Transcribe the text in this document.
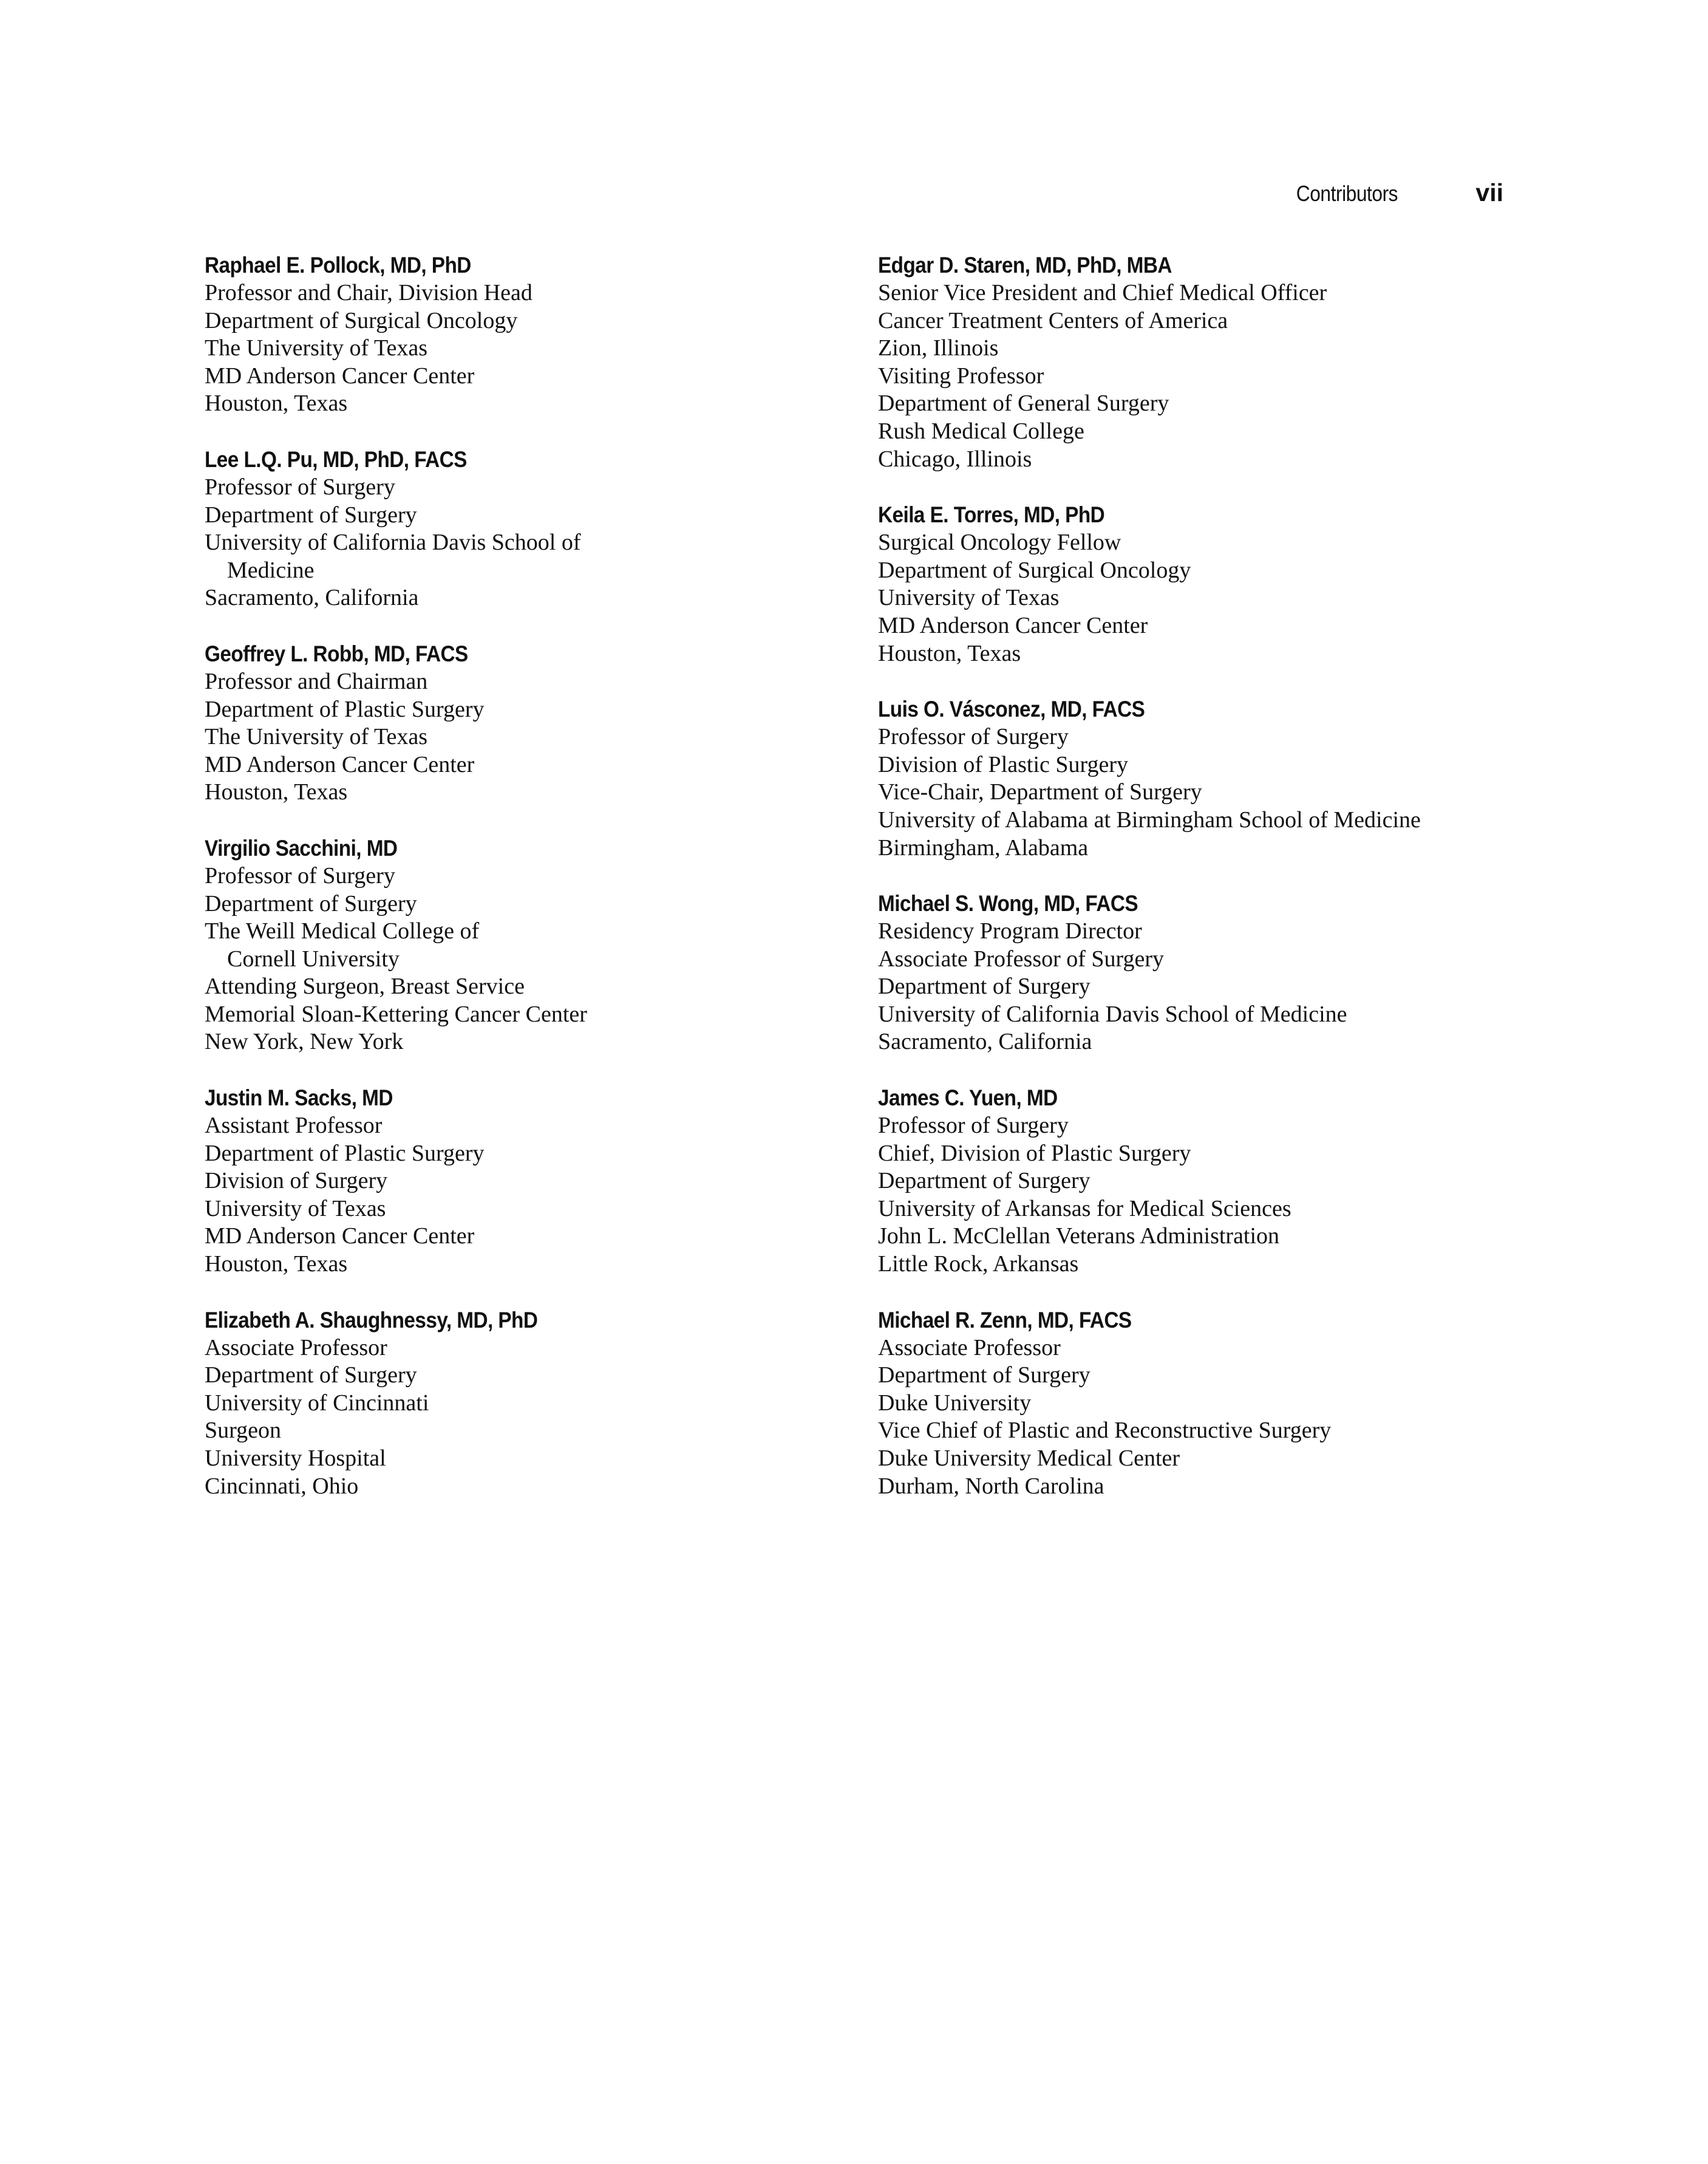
Contributors	vii
Raphael E. Pollock, MD, PhD
Professor and Chair, Division Head
Department of Surgical Oncology
The University of Texas
MD Anderson Cancer Center
Houston, Texas
Lee L.Q. Pu, MD, PhD, FACS
Professor of Surgery
Department of Surgery
University of California Davis School of
Medicine
Sacramento, California
Geoffrey L. Robb, MD, FACS
Professor and Chairman
Department of Plastic Surgery
The University of Texas
MD Anderson Cancer Center
Houston, Texas
Virgilio Sacchini, MD
Professor of Surgery
Department of Surgery
The Weill Medical College of
Cornell University
Attending Surgeon, Breast Service
Memorial Sloan-Kettering Cancer Center
New York, New York
Justin M. Sacks, MD
Assistant Professor
Department of Plastic Surgery
Division of Surgery
University of Texas
MD Anderson Cancer Center
Houston, Texas
Elizabeth A. Shaughnessy, MD, PhD
Associate Professor
Department of Surgery
University of Cincinnati
Surgeon
University Hospital
Cincinnati, Ohio
Edgar D. Staren, MD, PhD, MBA
Senior Vice President and Chief Medical Officer
Cancer Treatment Centers of America
Zion, Illinois
Visiting Professor
Department of General Surgery
Rush Medical College
Chicago, Illinois
Keila E. Torres, MD, PhD
Surgical Oncology Fellow
Department of Surgical Oncology
University of Texas
MD Anderson Cancer Center
Houston, Texas
Luis O. Vásconez, MD, FACS
Professor of Surgery
Division of Plastic Surgery
Vice-Chair, Department of Surgery
University of Alabama at Birmingham School of Medicine
Birmingham, Alabama
Michael S. Wong, MD, FACS
Residency Program Director
Associate Professor of Surgery
Department of Surgery
University of California Davis School of Medicine
Sacramento, California
James C. Yuen, MD
Professor of Surgery
Chief, Division of Plastic Surgery
Department of Surgery
University of Arkansas for Medical Sciences
John L. McClellan Veterans Administration
Little Rock, Arkansas
Michael R. Zenn, MD, FACS
Associate Professor
Department of Surgery
Duke University
Vice Chief of Plastic and Reconstructive Surgery
Duke University Medical Center
Durham, North Carolina
